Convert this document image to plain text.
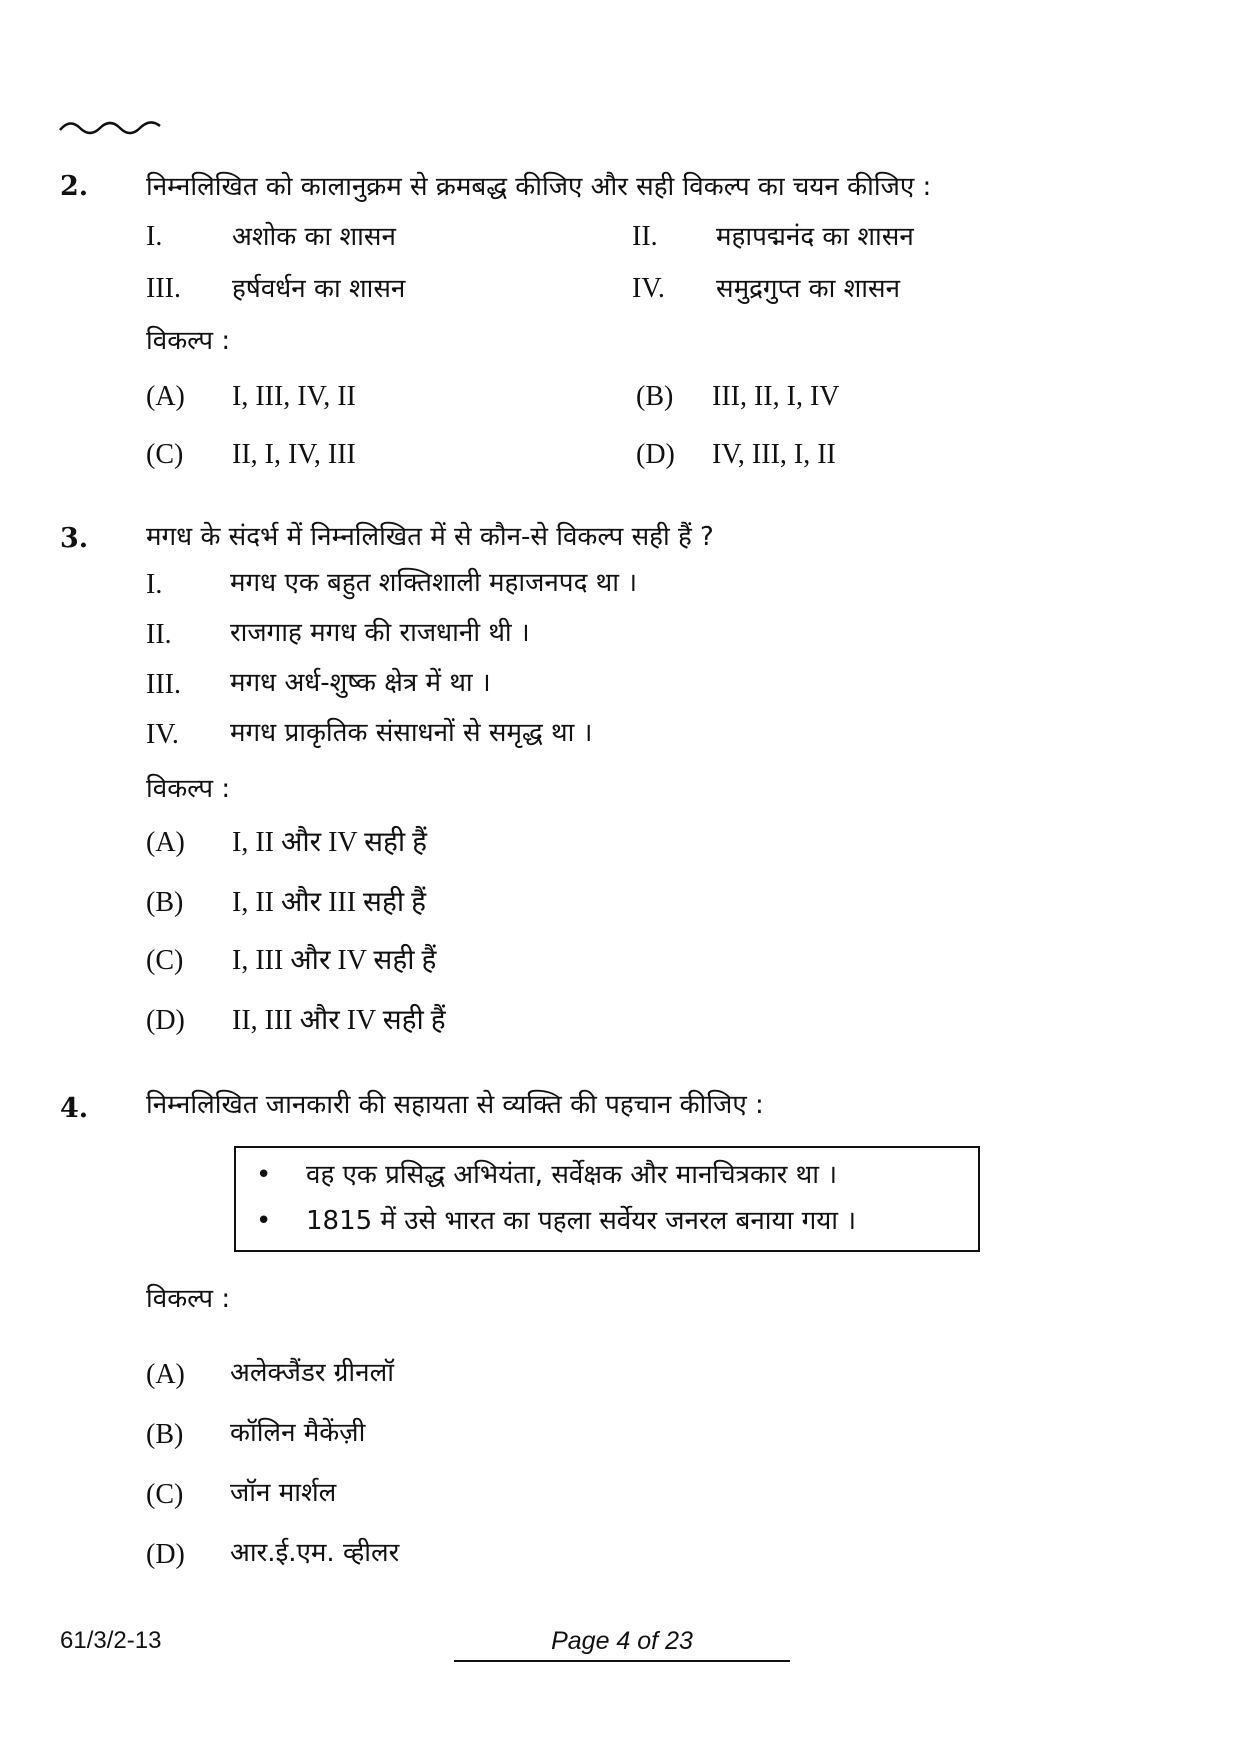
2. निम्नलिखित को कालानुक्रम से क्रमबद्ध कीजिए और सही विकल्प का चयन कीजिए :
I.	अशोक का शासन	II. महापद्मनंद का शासन
III. हर्षवर्धन का शासन	IV. समुद्रगुप्त का शासन
विकल्प :
(A) I, III, IV, II	(B) III, II, I, IV
(C) II, I, IV, III	(D) IV, III, I, II
3. मगध के संदर्भ में निम्नलिखित में से कौन-से विकल्प सही हैं ?
I.	मगध एक बहुत शक्तिशाली महाजनपद था ।
II. राजगाह मगध की राजधानी थी ।
III. मगध अर्ध-शुष्क क्षेत्र में था ।
IV. मगध प्राकृतिक संसाधनों से समृद्ध था ।
विकल्प :
(A) I, II और IV सही हैं
(B) I, II और III सही हैं
(C) I, III और IV सही हैं
(D) II, III और IV सही हैं
4. निम्नलिखित जानकारी की सहायता से व्यक्ति की पहचान कीजिए :
• वह एक प्रसिद्ध अभियंता, सर्वेक्षक और मानचित्रकार था ।
• 1815 में उसे भारत का पहला सर्वेयर जनरल बनाया गया ।
विकल्प :
(A) अलेक्जैंडर ग्रीनलॉ
(B) कॉलिन मैकेंज़ी
(C) जॉन मार्शल
(D) आर.ई.एम. व्हीलर
61/3/2-13	Page 4 of 23
